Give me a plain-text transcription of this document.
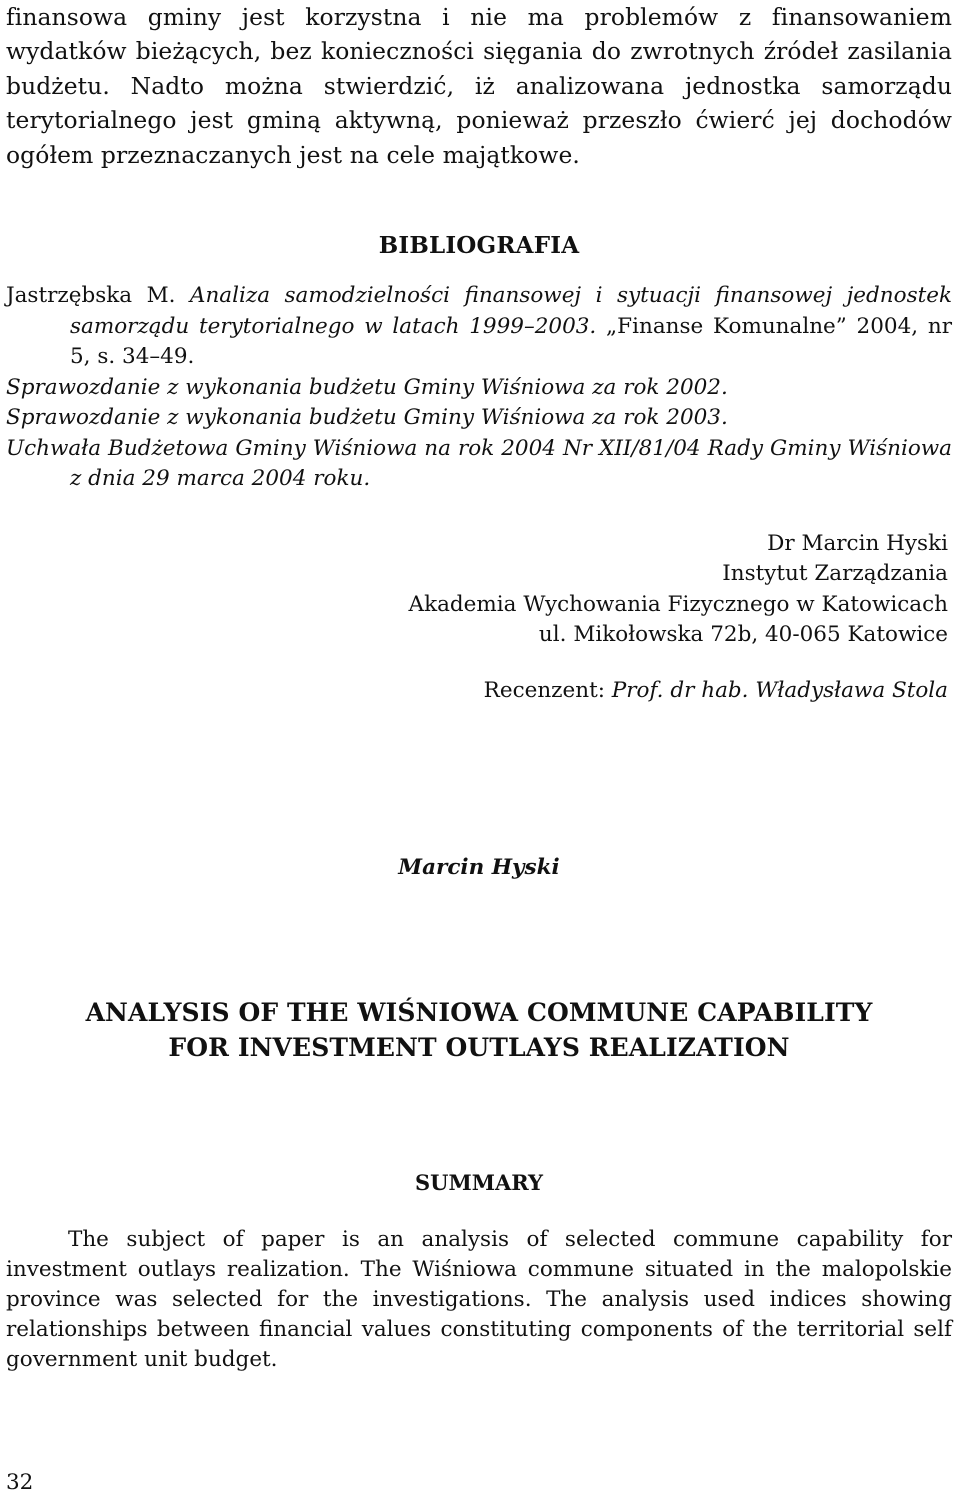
finansowa gminy jest korzystna i nie ma problemów z finansowaniem wydatków bieżących, bez konieczności sięgania do zwrotnych źródeł zasilania budżetu. Nadto można stwierdzić, iż analizowana jednostka samorządu terytorialnego jest gminą aktywną, ponieważ przeszło ćwierć jej dochodów ogółem przeznaczanych jest na cele majątkowe.

BIBLIOGRAFIA
Jastrzębska M. Analiza samodzielności finansowej i sytuacji finansowej jednostek samorządu terytorialnego w latach 1999–2003. „Finanse Komunalne” 2004, nr 5, s. 34–49.
Sprawozdanie z wykonania budżetu Gminy Wiśniowa za rok 2002.
Sprawozdanie z wykonania budżetu Gminy Wiśniowa za rok 2003.
Uchwała Budżetowa Gminy Wiśniowa na rok 2004 Nr XII/81/04 Rady Gminy Wiśniowa z dnia 29 marca 2004 roku.
Dr Marcin Hyski
Instytut Zarządzania
Akademia Wychowania Fizycznego w Katowicach
ul. Mikołowska 72b, 40-065 Katowice
Recenzent: Prof. dr hab. Władysława Stola
Marcin Hyski
ANALYSIS OF THE WIŚNIOWA COMMUNE CAPABILITY
FOR INVESTMENT OUTLAYS REALIZATION
SUMMARY
The subject of paper is an analysis of selected commune capability for investment outlays realization. The Wiśniowa commune situated in the malopolskie province was selected for the investigations. The analysis used indices showing relationships between financial values constituting components of the territorial self government unit budget.
32
